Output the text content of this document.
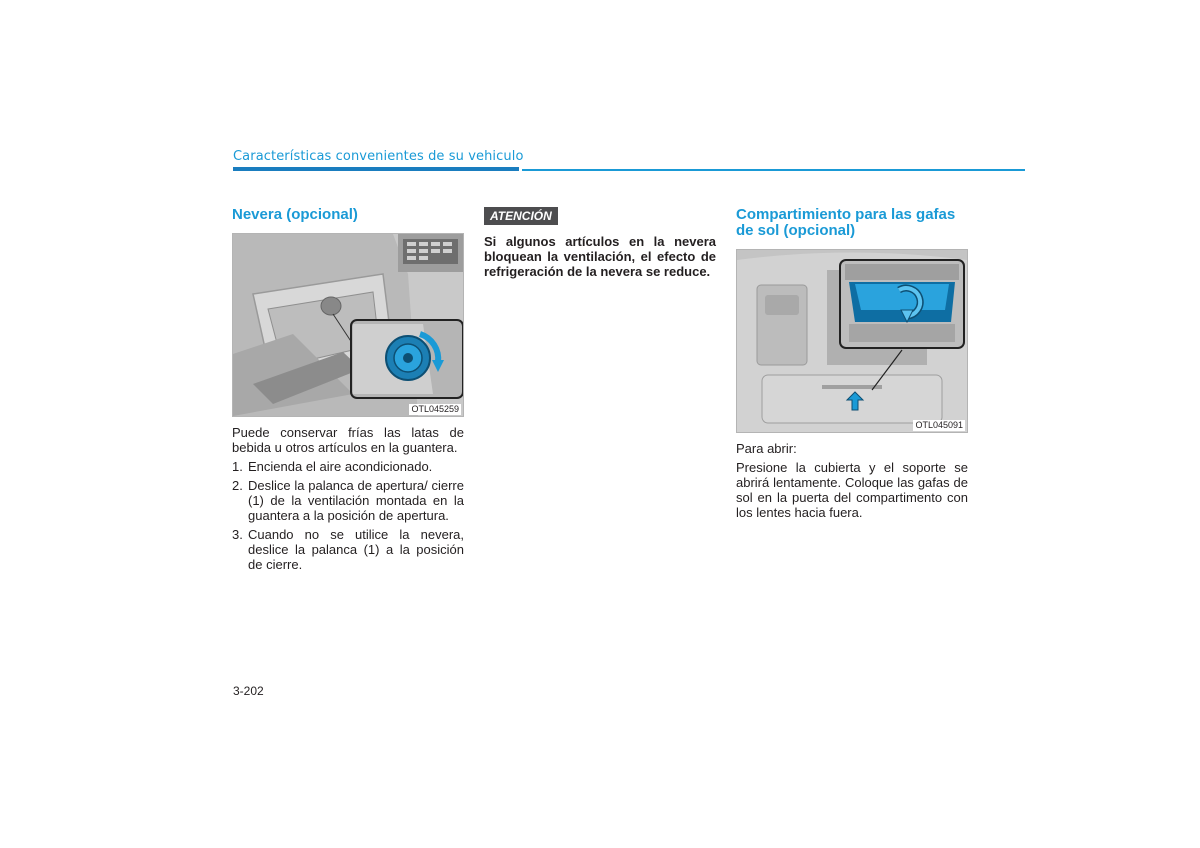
Características convenientes de su vehiculo
Nevera (opcional)
OTL045259

Puede conservar frías las latas de bebida u otros artículos en la guantera.

1. Encienda el aire acondicionado.
2. Deslice la palanca de apertura/ cierre (1) de la ventilación montada en la guantera a la posición de apertura.
3. Cuando no se utilice la nevera, deslice la palanca (1) a la posición de cierre.
ATENCIÓN

Si algunos artículos en la nevera bloquean la ventilación, el efecto de refrigeración de la nevera se reduce.

Compartimiento para las gafas de sol (opcional)
OTL045091

Para abrir:

Presione la cubierta y el soporte se abrirá lentamente. Coloque las gafas de sol en la puerta del compartimento con los lentes hacia fuera.

3-202
